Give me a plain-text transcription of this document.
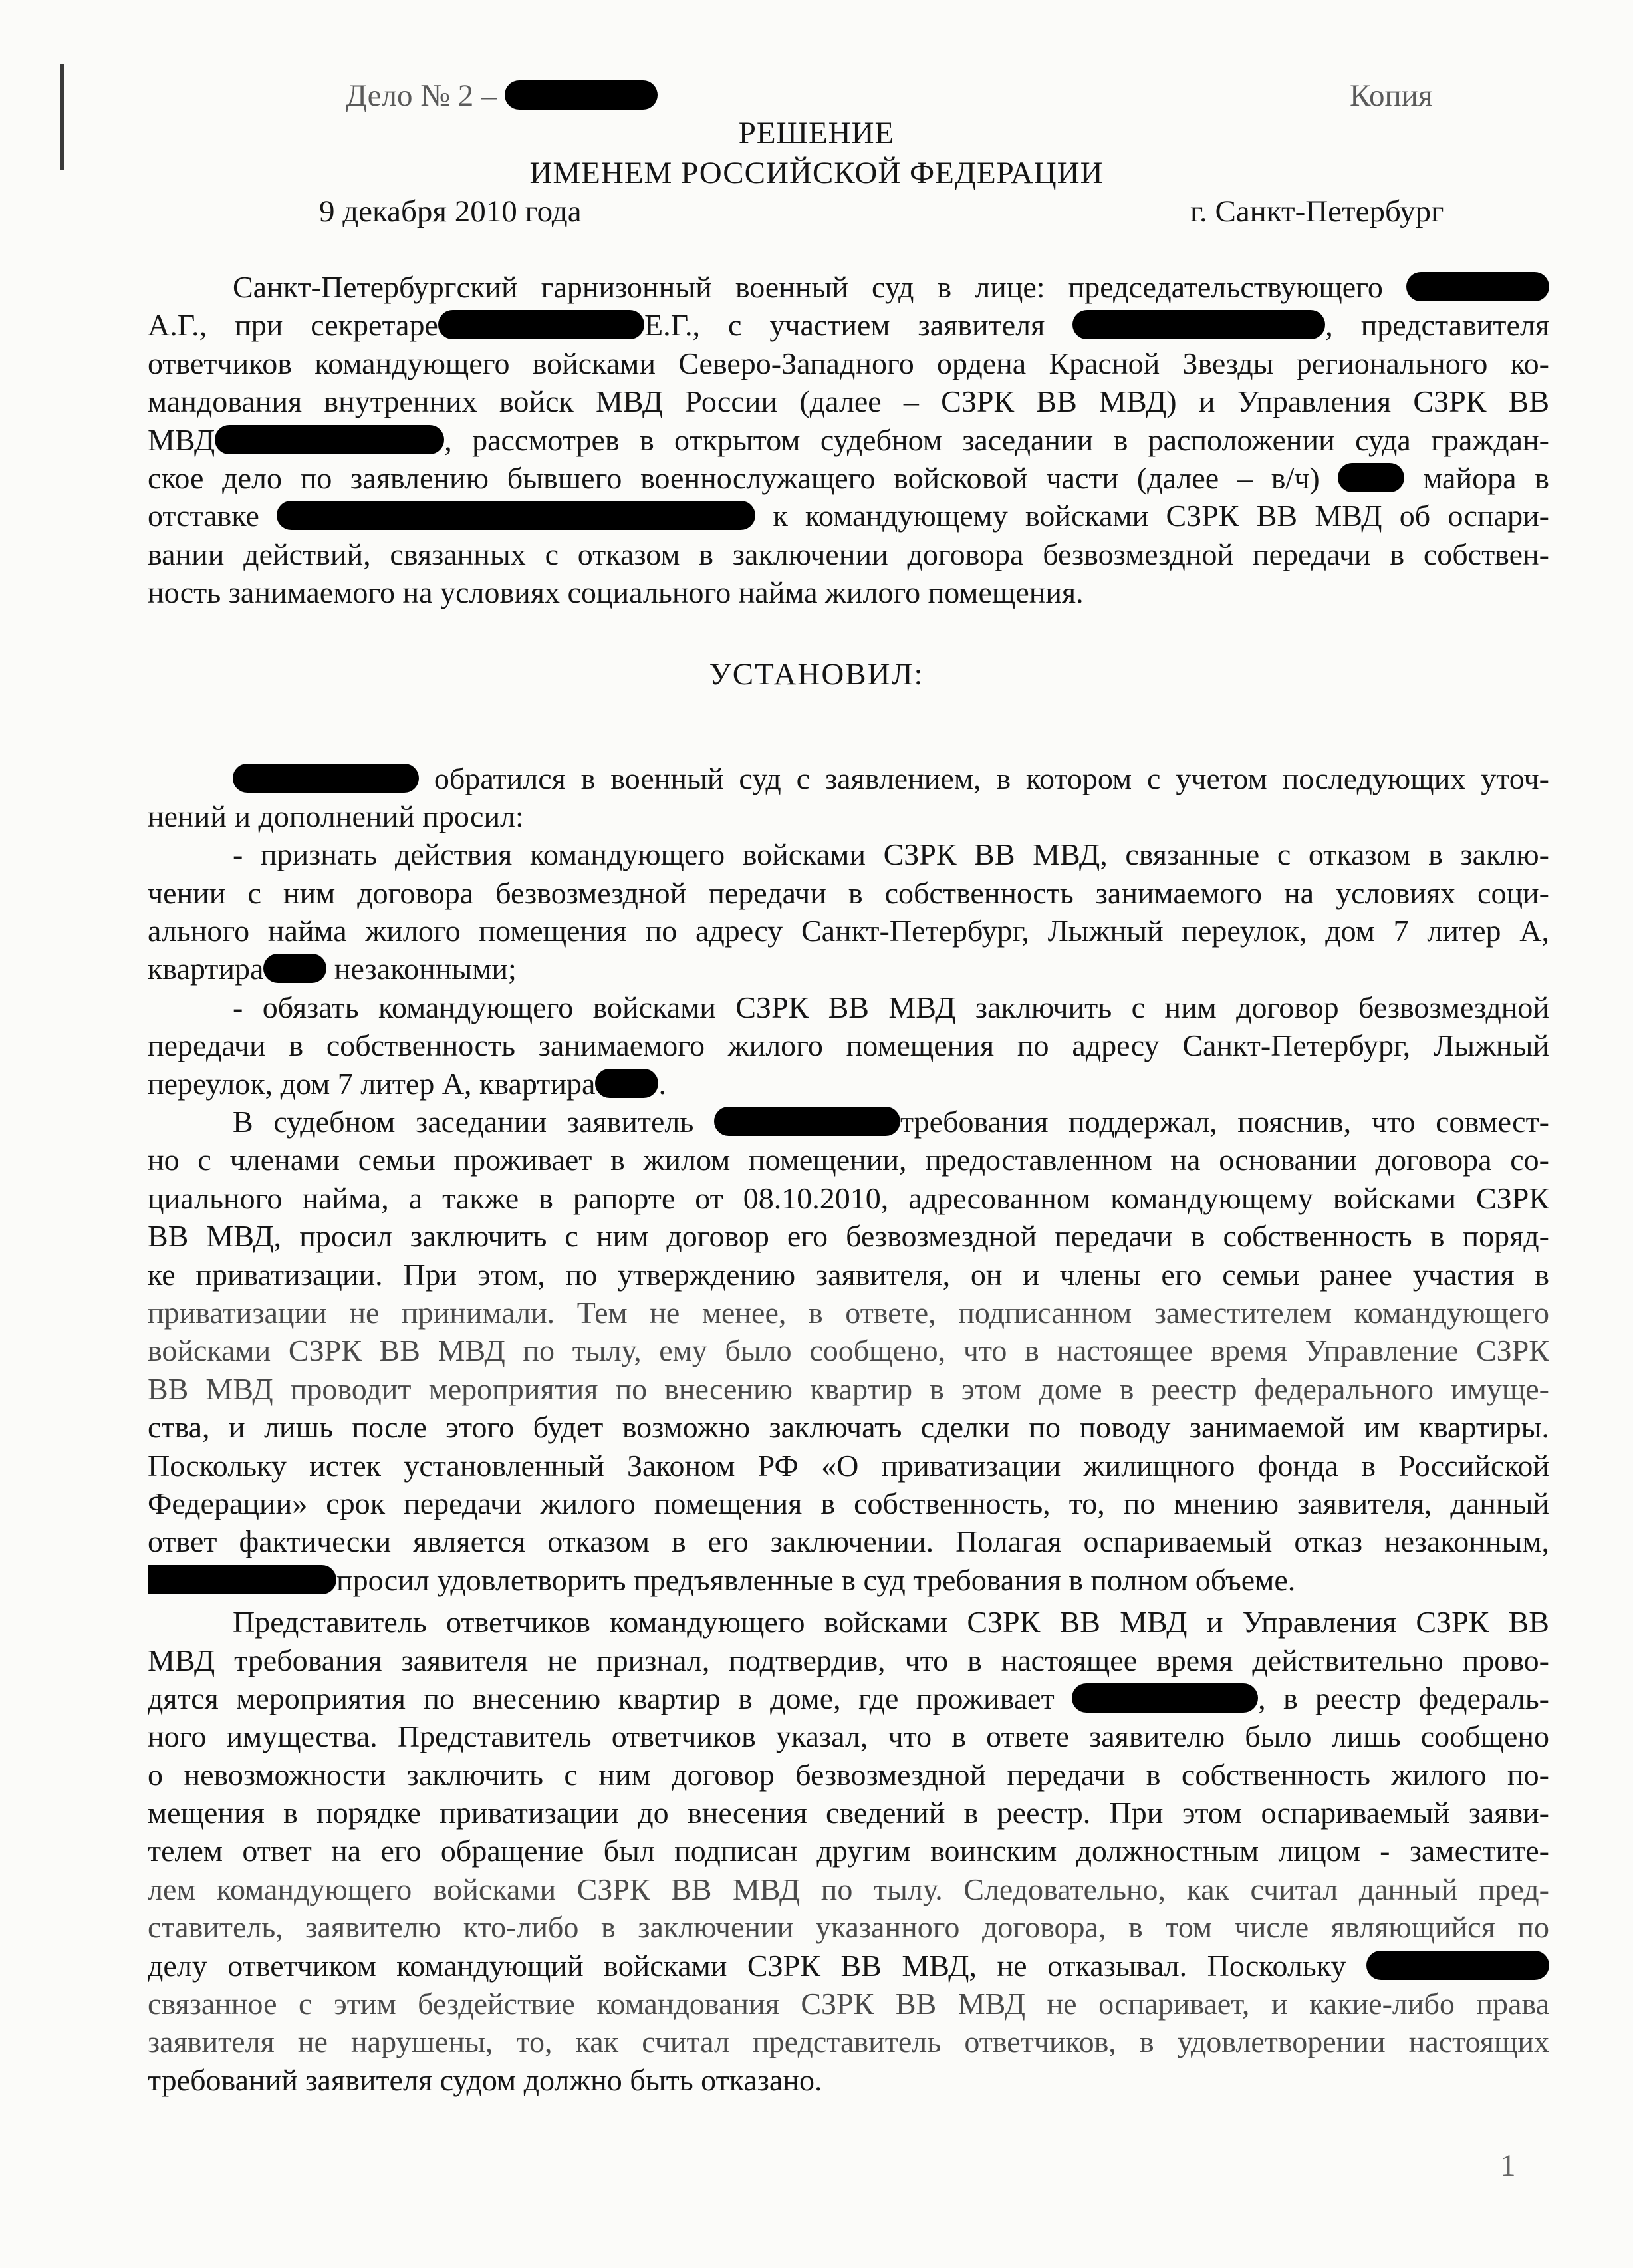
Дело № 2 –	Копия
РЕШЕНИЕ
ИМЕНЕМ РОССИЙСКОЙ ФЕДЕРАЦИИ
9 декабря 2010 года	г. Санкт-Петербург
УСТАНОВИЛ:
1
Санкт-Петербургский гарнизонный военный суд в лице: председательствующего
А.Г., при секретаре	Е.Г., с участием заявителя	, представителя
ответчиков командующего войсками Северо-Западного ордена Красной Звезды регионального ко-
мандования внутренних войск МВД России (далее – СЗРК ВВ МВД) и Управления СЗРК ВВ
МВД	, рассмотрев в открытом судебном заседании в расположении суда граждан-
ское дело по заявлению бывшего военнослужащего войсковой части (далее – в/ч)	майора в
отставке	к командующему войсками СЗРК ВВ МВД об оспари-
вании действий, связанных с отказом в заключении договора безвозмездной передачи в собствен-
ность занимаемого на условиях социального найма жилого помещения.
обратился в военный суд с заявлением, в котором с учетом последующих уточ-
нений и дополнений просил:
- признать действия командующего войсками СЗРК ВВ МВД, связанные с отказом в заклю-
чении с ним договора безвозмездной передачи в собственность занимаемого на условиях соци-
ального найма жилого помещения по адресу Санкт-Петербург, Лыжный переулок, дом 7 литер А,
квартира незаконными;
- обязать командующего войсками СЗРК ВВ МВД заключить с ним договор безвозмездной
передачи в собственность занимаемого жилого помещения по адресу Санкт-Петербург, Лыжный
переулок, дом 7 литер А, квартира .
В судебном заседании заявитель	требования поддержал, пояснив, что совмест-
но с членами семьи проживает в жилом помещении, предоставленном на основании договора со-
циального найма, а также в рапорте от 08.10.2010, адресованном командующему войсками СЗРК
ВВ МВД, просил заключить с ним договор его безвозмездной передачи в собственность в поряд-
ке приватизации. При этом, по утверждению заявителя, он и члены его семьи ранее участия в
приватизации не принимали. Тем не менее, в ответе, подписанном заместителем командующего
войсками СЗРК ВВ МВД по тылу, ему было сообщено, что в настоящее время Управление СЗРК
ВВ МВД проводит мероприятия по внесению квартир в этом доме в реестр федерального имуще-
ства, и лишь после этого будет возможно заключать сделки по поводу занимаемой им квартиры.
Поскольку истек установленный Законом РФ «О приватизации жилищного фонда в Российской
Федерации» срок передачи жилого помещения в собственность, то, по мнению заявителя, данный
ответ фактически является отказом в его заключении. Полагая оспариваемый отказ незаконным,
просил удовлетворить предъявленные в суд требования в полном объеме.
Представитель ответчиков командующего войсками СЗРК ВВ МВД и Управления СЗРК ВВ
МВД требования заявителя не признал, подтвердив, что в настоящее время действительно прово-
дятся мероприятия по внесению квартир в доме, где проживает	, в реестр федераль-
ного имущества. Представитель ответчиков указал, что в ответе заявителю было лишь сообщено
о невозможности заключить с ним договор безвозмездной передачи в собственность жилого по-
мещения в порядке приватизации до внесения сведений в реестр. При этом оспариваемый заяви-
телем ответ на его обращение был подписан другим воинским должностным лицом - заместите-
лем командующего войсками СЗРК ВВ МВД по тылу. Следовательно, как считал данный пред-
ставитель, заявителю кто-либо в заключении указанного договора, в том числе являющийся по
делу ответчиком командующий войсками СЗРК ВВ МВД, не отказывал. Поскольку
связанное с этим бездействие командования СЗРК ВВ МВД не оспаривает, и какие-либо права
заявителя не нарушены, то, как считал представитель ответчиков, в удовлетворении настоящих
требований заявителя судом должно быть отказано.
